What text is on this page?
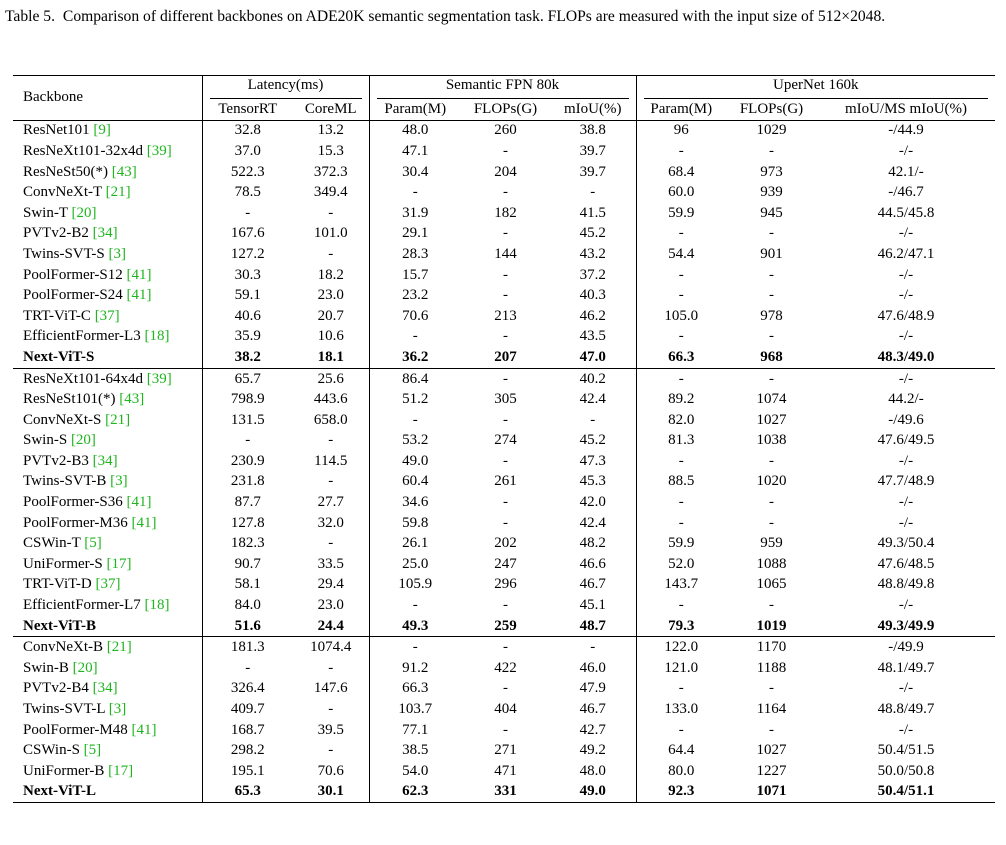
Table 5. Comparison of different backbones on ADE20K semantic segmentation task. FLOPs are measured with the input size of 512×2048.
Backbone	Latency(ms)		Semantic FPN 80k			UperNet 160k		

	TensorRT	CoreML	Param(M)	FLOPs(G)	mIoU(%)	Param(M)	FLOPs(G)	mIoU/MS mIoU(%)
ResNet101 [9]	32.8	13.2	48.0	260	38.8	96	1029	-/44.9
ResNeXt101-32x4d [39]	37.0	15.3	47.1	-	39.7	-	-	-/-
ResNeSt50(*) [43]	522.3	372.3	30.4	204	39.7	68.4	973	42.1/-
ConvNeXt-T [21]	78.5	349.4	-	-	-	60.0	939	-/46.7
Swin-T [20]	-	-	31.9	182	41.5	59.9	945	44.5/45.8
PVTv2-B2 [34]	167.6	101.0	29.1	-	45.2	-	-	-/-
Twins-SVT-S [3]	127.2	-	28.3	144	43.2	54.4	901	46.2/47.1
PoolFormer-S12 [41]	30.3	18.2	15.7	-	37.2	-	-	-/-
PoolFormer-S24 [41]	59.1	23.0	23.2	-	40.3	-	-	-/-
TRT-ViT-C [37]	40.6	20.7	70.6	213	46.2	105.0	978	47.6/48.9
EfficientFormer-L3 [18]	35.9	10.6	-	-	43.5	-	-	-/-
Next-ViT-S	38.2	18.1	36.2	207	47.0	66.3	968	48.3/49.0
ResNeXt101-64x4d [39]	65.7	25.6	86.4	-	40.2	-	-	-/-
ResNeSt101(*) [43]	798.9	443.6	51.2	305	42.4	89.2	1074	44.2/-
ConvNeXt-S [21]	131.5	658.0	-	-	-	82.0	1027	-/49.6
Swin-S [20]	-	-	53.2	274	45.2	81.3	1038	47.6/49.5
PVTv2-B3 [34]	230.9	114.5	49.0	-	47.3	-	-	-/-
Twins-SVT-B [3]	231.8	-	60.4	261	45.3	88.5	1020	47.7/48.9
PoolFormer-S36 [41]	87.7	27.7	34.6	-	42.0	-	-	-/-
PoolFormer-M36 [41]	127.8	32.0	59.8	-	42.4	-	-	-/-
CSWin-T [5]	182.3	-	26.1	202	48.2	59.9	959	49.3/50.4
UniFormer-S [17]	90.7	33.5	25.0	247	46.6	52.0	1088	47.6/48.5
TRT-ViT-D [37]	58.1	29.4	105.9	296	46.7	143.7	1065	48.8/49.8
EfficientFormer-L7 [18]	84.0	23.0	-	-	45.1	-	-	-/-
Next-ViT-B	51.6	24.4	49.3	259	48.7	79.3	1019	49.3/49.9
ConvNeXt-B [21]	181.3	1074.4	-	-	-	122.0	1170	-/49.9
Swin-B [20]	-	-	91.2	422	46.0	121.0	1188	48.1/49.7
PVTv2-B4 [34]	326.4	147.6	66.3	-	47.9	-	-	-/-
Twins-SVT-L [3]	409.7	-	103.7	404	46.7	133.0	1164	48.8/49.7
PoolFormer-M48 [41]	168.7	39.5	77.1	-	42.7	-	-	-/-
CSWin-S [5]	298.2	-	38.5	271	49.2	64.4	1027	50.4/51.5
UniFormer-B [17]	195.1	70.6	54.0	471	48.0	80.0	1227	50.0/50.8
Next-ViT-L	65.3	30.1	62.3	331	49.0	92.3	1071	50.4/51.1
